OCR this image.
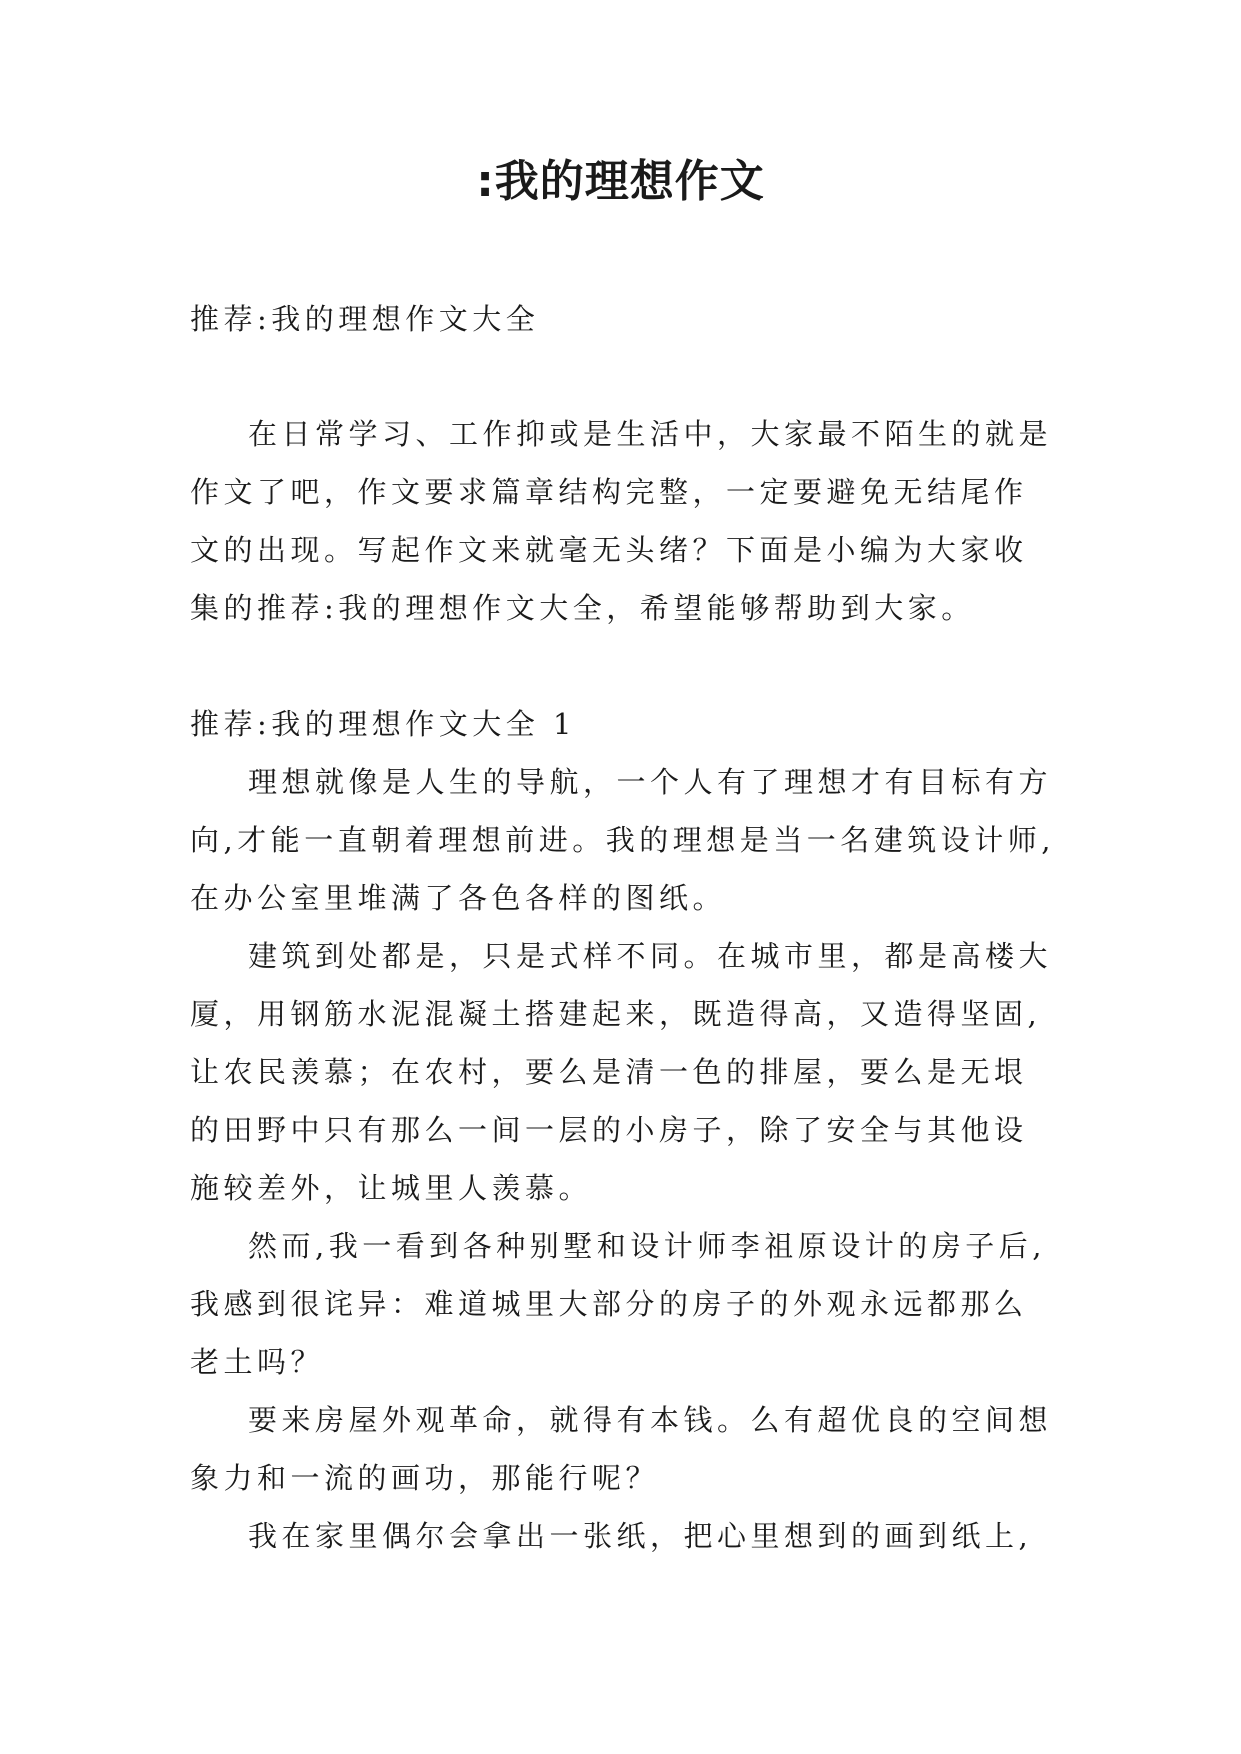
:我的理想作文
推荐:我的理想作文大全
在日常学习、工作抑或是生活中，大家最不陌生的就是作文了吧，作文要求篇章结构完整，一定要避免无结尾作文的出现。写起作文来就毫无头绪？下面是小编为大家收集的推荐:我的理想作文大全，希望能够帮助到大家。
推荐:我的理想作文大全 1

理想就像是人生的导航，一个人有了理想才有目标有方向,才能一直朝着理想前进。我的理想是当一名建筑设计师,在办公室里堆满了各色各样的图纸。

建筑到处都是，只是式样不同。在城市里，都是高楼大厦，用钢筋水泥混凝土搭建起来，既造得高，又造得坚固,让农民羡慕；在农村，要么是清一色的排屋，要么是无垠的田野中只有那么一间一层的小房子，除了安全与其他设施较差外，让城里人羡慕。

然而,我一看到各种别墅和设计师李祖原设计的房子后,我感到很诧异：难道城里大部分的房子的外观永远都那么老土吗？

要来房屋外观革命，就得有本钱。么有超优良的空间想象力和一流的画功，那能行呢？

我在家里偶尔会拿出一张纸，把心里想到的画到纸上,
